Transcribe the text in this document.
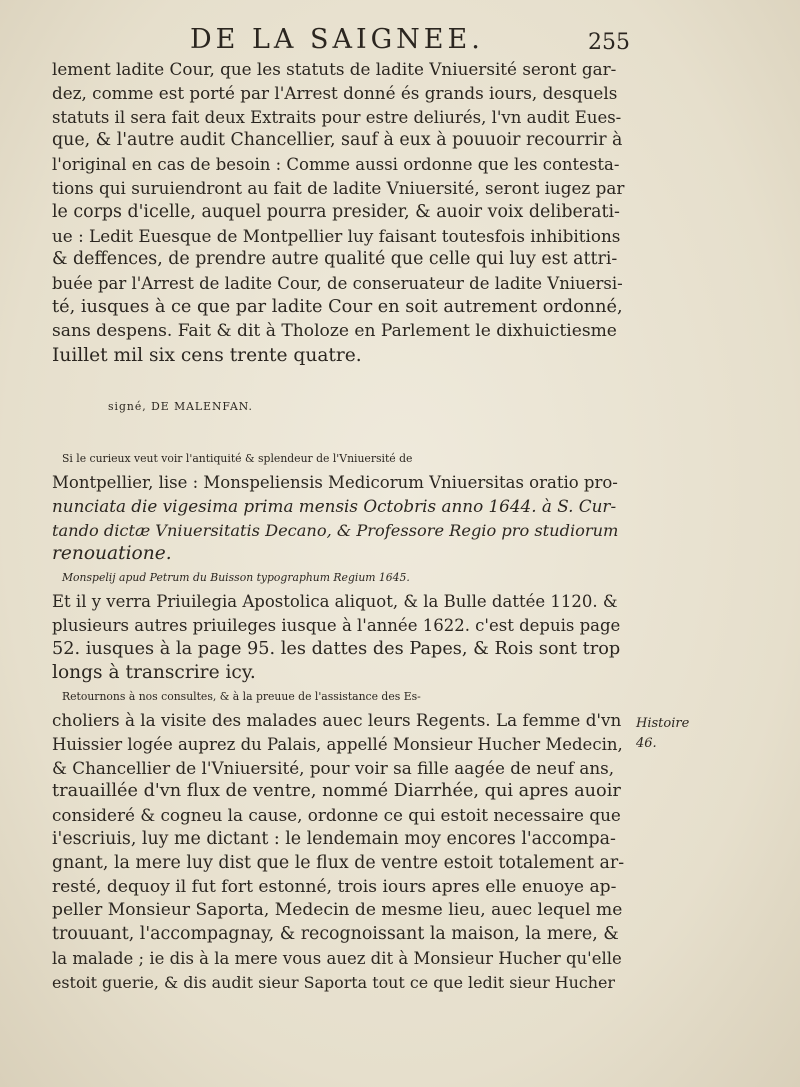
DE LA SAIGNEE.	255
lement ladite Cour, que les statuts de ladite Vniuersité seront gar-
dez, comme est porté par l'Arrest donné és grands iours, desquels
statuts il sera fait deux Extraits pour estre deliurés, l'vn audit Eues-
que, & l'autre audit Chancellier, sauf à eux à pouuoir recourrir à
l'original en cas de besoin : Comme aussi ordonne que les contesta-
tions qui suruiendront au fait de ladite Vniuersité, seront iugez par
le corps d'icelle, auquel pourra presider, & auoir voix deliberati-
ue : Ledit Euesque de Montpellier luy faisant toutesfois inhibitions
& deffences, de prendre autre qualité que celle qui luy est attri-
buée par l'Arrest de ladite Cour, de conseruateur de ladite Vniuersi-
té, iusques à ce que par ladite Cour en soit autrement ordonné,
sans despens. Fait & dit à Tholoze en Parlement le dixhuictiesme
Iuillet mil six cens trente quatre.
signé, DE MALENFAN.
Si le curieux veut voir l'antiquité & splendeur de l'Vniuersité de
Montpellier, lise : Monspeliensis Medicorum Vniuersitas oratio pro-
nunciata die vigesima prima mensis Octobris anno 1644. à S. Cur-
tando dictæ Vniuersitatis Decano, & Professore Regio pro studiorum
renouatione.
Monspelij apud Petrum du Buisson typographum Regium 1645.
Et il y verra Priuilegia Apostolica aliquot, & la Bulle dattée 1120. &
plusieurs autres priuileges iusque à l'année 1622. c'est depuis page
52. iusques à la page 95. les dattes des Papes, & Rois sont trop
longs à transcrire icy.
Retournons à nos consultes, & à la preuue de l'assistance des Es-
choliers à la visite des malades auec leurs Regents. La femme d'vn
Huissier logée auprez du Palais, appellé Monsieur Hucher Medecin,
& Chancellier de l'Vniuersité, pour voir sa fille aagée de neuf ans,
trauaillée d'vn flux de ventre, nommé Diarrhée, qui apres auoir
consideré & cogneu la cause, ordonne ce qui estoit necessaire que
i'escriuis, luy me dictant : le lendemain moy encores l'accompa-
gnant, la mere luy dist que le flux de ventre estoit totalement ar-
resté, dequoy il fut fort estonné, trois iours apres elle enuoye ap-
peller Monsieur Saporta, Medecin de mesme lieu, auec lequel me
trouuant, l'accompagnay, & recognoissant la maison, la mere, &
la malade ; ie dis à la mere vous auez dit à Monsieur Hucher qu'elle
estoit guerie, & dis audit sieur Saporta tout ce que ledit sieur Hucher
Histoire
46.
